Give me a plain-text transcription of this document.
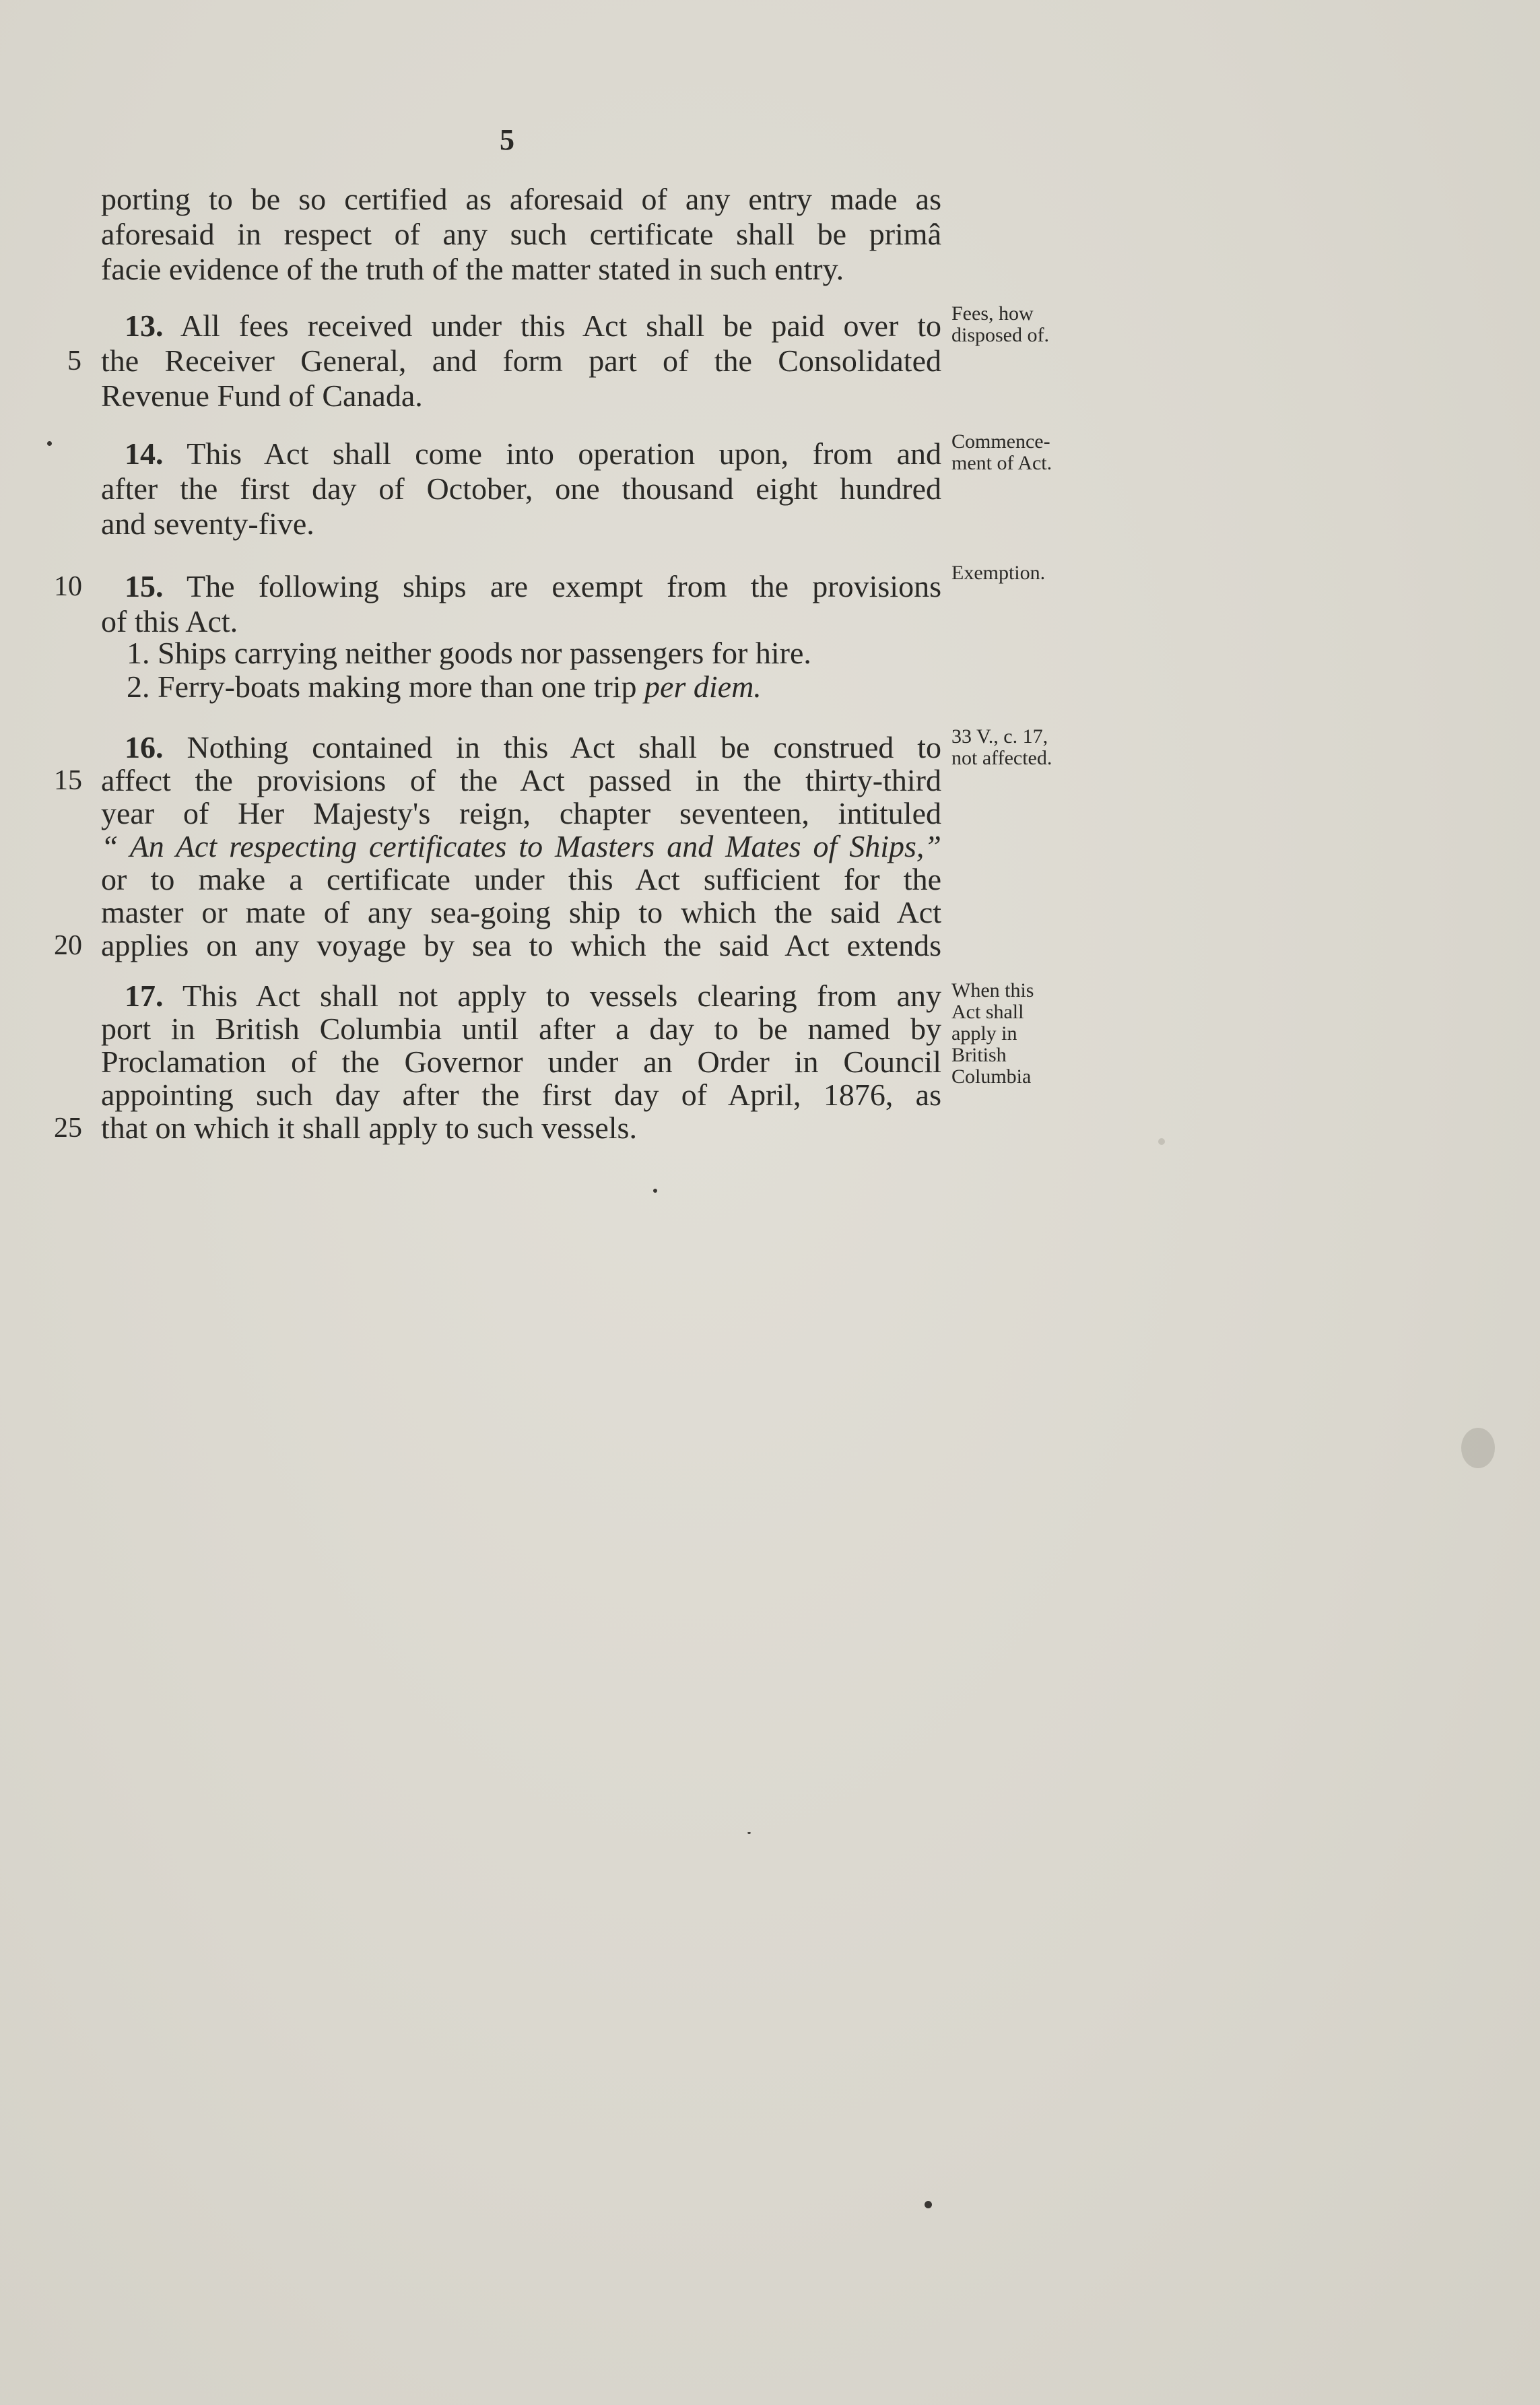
5
porting to be so certified as aforesaid of any entry made as
aforesaid in respect of any such certificate shall be primâ
facie evidence of the truth of the matter stated in such entry.
13. All fees received under this Act shall be paid over to
5 the Receiver General, and form part of the Consolidated
Revenue Fund of Canada.
Fees, how
disposed of.
14. This Act shall come into operation upon, from and
after the first day of October, one thousand eight hundred
and seventy-five.
Commence-
ment of Act.
10 15. The following ships are exempt from the provisions
of this Act.
1. Ships carrying neither goods nor passengers for hire.
2. Ferry-boats making more than one trip per diem.
Exemption.
16. Nothing contained in this Act shall be construed to
15 affect the provisions of the Act passed in the thirty-third
year of Her Majesty's reign, chapter seventeen, intituled
“ An Act respecting certificates to Masters and Mates of Ships,”
or to make a certificate under this Act sufficient for the
master or mate of any sea-going ship to which the said Act
20 applies on any voyage by sea to which the said Act extends
33 V., c. 17,
not affected.
17. This Act shall not apply to vessels clearing from any
port in British Columbia until after a day to be named by
Proclamation of the Governor under an Order in Council
appointing such day after the first day of April, 1876, as
25 that on which it shall apply to such vessels.
When this
Act shall
apply in
British
Columbia
